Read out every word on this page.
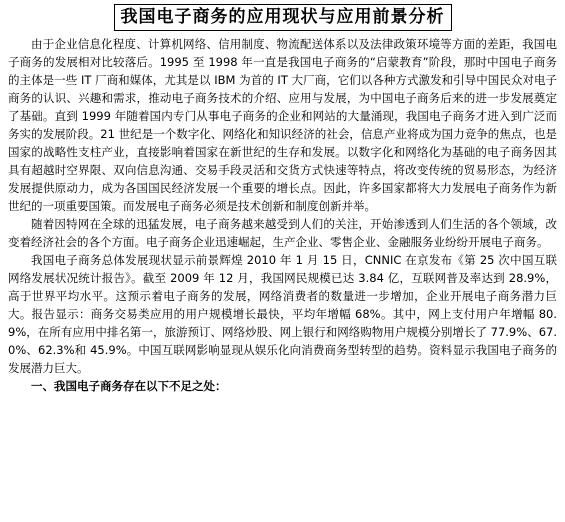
我国电子商务的应用现状与应用前景分析

由于企业信息化程度、计算机网络、信用制度、物流配送体系以及法律政策环境等方面的差距，我国电子商务的发展相对比较落后。1995 至 1998 年一直是我国电子商务的“启蒙教育”阶段，那时中国电子商务的主体是一些 IT 厂商和媒体，尤其是以 IBM 为首的 IT 大厂商，它们以各种方式激发和引导中国民众对电子商务的认识、兴趣和需求，推动电子商务技术的介绍、应用与发展，为中国电子商务后来的进一步发展奠定了基础。直到 1999 年随着国内专门从事电子商务的企业和网站的大量涌现，我国电子商务才进入到广泛而务实的发展阶段。21 世纪是一个数字化、网络化和知识经济的社会，信息产业将成为国力竞争的焦点，也是国家的战略性支柱产业，直接影响着国家在新世纪的生存和发展。以数字化和网络化为基础的电子商务因其具有超越时空界限、双向信息沟通、交易手段灵活和交货方式快速等特点，将改变传统的贸易形态，为经济发展提供原动力，成为各国国民经济发展一个重要的增长点。因此，许多国家都将大力发展电子商务作为新世纪的一项重要国策。而发展电子商务必须是技术创新和制度创新并举。

随着因特网在全球的迅猛发展，电子商务越来越受到人们的关注，开始渗透到人们生活的各个领域，改变着经济社会的各个方面。电子商务企业迅速崛起，生产企业、零售企业、金融服务业纷纷开展电子商务。

我国电子商务总体发展现状显示前景辉煌 2010 年 1 月 15 日，CNNIC 在京发布《第 25 次中国互联网络发展状况统计报告》。截至 2009 年 12 月，我国网民规模已达 3.84 亿，互联网普及率达到 28.9%，高于世界平均水平。这预示着电子商务的发展，网络消费者的数量进一步增加，企业开展电子商务潜力巨大。报告显示：商务交易类应用的用户规模增长最快，平均年增幅 68%。其中，网上支付用户年增幅 80.9%，在所有应用中排名第一，旅游预订、网络炒股、网上银行和网络购物用户规模分别增长了 77.9%、67.0%、62.3%和 45.9%。中国互联网影响显现从娱乐化向消费商务型转型的趋势。资料显示我国电子商务的发展潜力巨大。

一、我国电子商务存在以下不足之处：
